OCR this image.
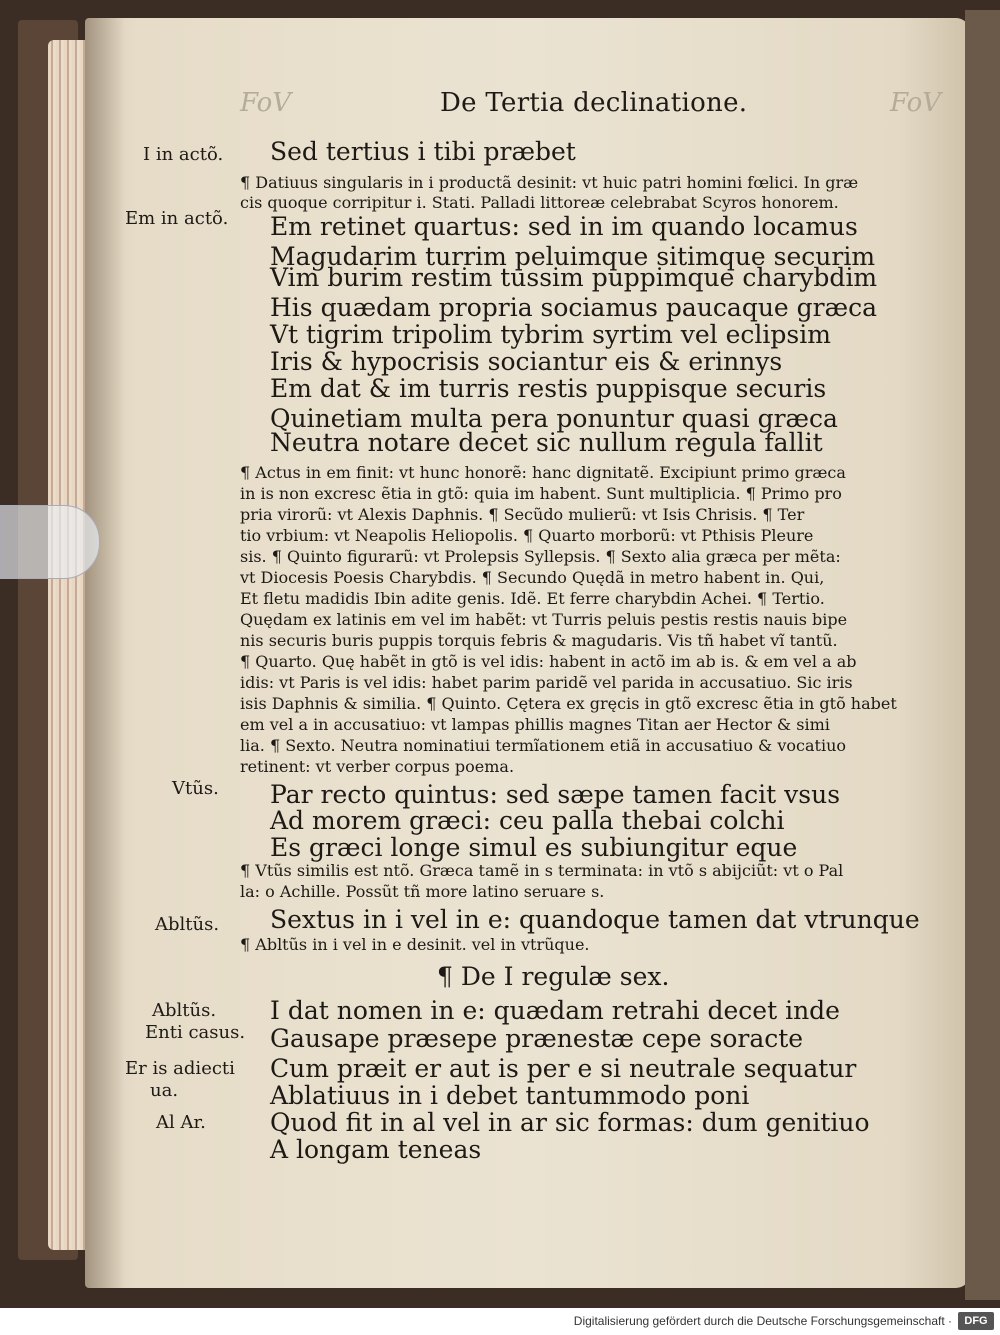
FoV	FoV
De Tertia declinatione.
I in actõ.
Em in actõ.
Vtũs.
Abltũs.
Abltũs.
Enti casus.
Er is adiecti
ua.
Al Ar.
Sed tertius i tibi præbet
¶ Datiuus singularis in i productã desinit: vt huic patri homini fœlici. In græ
cis quoque corripitur i. Stati. Palladi littoreæ celebrabat Scyros honorem.
Em retinet quartus: sed in im quando locamus
Magudarim turrim peluimque sitimque securim
Vim burim restim tussim puppimque charybdim
His quædam propria sociamus paucaque græca
Vt tigrim tripolim tybrim syrtim vel eclipsim
Iris & hypocrisis sociantur eis & erinnys
Em dat & im turris restis puppisque securis
Quinetiam multa pera ponuntur quasi græca
Neutra notare decet sic nullum regula fallit
¶ Actus in em finit: vt hunc honorẽ: hanc dignitatẽ. Excipiunt primo græca
in is non excresc ẽtia in gtõ: quia im habent. Sunt multiplicia. ¶ Primo pro
pria virorũ: vt Alexis Daphnis. ¶ Secũdo mulierũ: vt Isis Chrisis. ¶ Ter
tio vrbium: vt Neapolis Heliopolis. ¶ Quarto morborũ: vt Pthisis Pleure
sis. ¶ Quinto figurarũ: vt Prolepsis Syllepsis. ¶ Sexto alia græca per mẽta:
vt Diocesis Poesis Charybdis. ¶ Secundo Quędã in metro habent in. Qui,
Et fletu madidis Ibin adite genis. Idẽ. Et ferre charybdin Achei. ¶ Tertio.
Quędam ex latinis em vel im habẽt: vt Turris peluis pestis restis nauis bipe
nis securis buris puppis torquis febris & magudaris. Vis tñ habet vĩ tantũ.
¶ Quarto. Quę habẽt in gtõ is vel idis: habent in actõ im ab is. & em vel a ab
idis: vt Paris is vel idis: habet parim paridẽ vel parida in accusatiuo. Sic iris
isis Daphnis & similia. ¶ Quinto. Cętera ex gręcis in gtõ excresc ẽtia in gtõ habet
em vel a in accusatiuo: vt lampas phillis magnes Titan aer Hector & simi
lia. ¶ Sexto. Neutra nominatiui termĩationem etiã in accusatiuo & vocatiuo
retinent: vt verber corpus poema.
Par recto quintus: sed sæpe tamen facit vsus
Ad morem græci: ceu palla thebai colchi
Es græci longe simul es subiungitur eque
¶ Vtũs similis est ntõ. Græca tamẽ in s terminata: in vtõ s abijciũt: vt o Pal
la: o Achille. Possũt tñ more latino seruare s.
Sextus in i vel in e: quandoque tamen dat vtrunque
¶ Abltũs in i vel in e desinit. vel in vtrũque.
¶ De I regulæ sex.
I dat nomen in e: quædam retrahi decet inde
Gausape præsepe prænestæ cepe soracte
Cum præit er aut is per e si neutrale sequatur
Ablatiuus in i debet tantummodo poni
Quod fit in al vel in ar sic formas: dum genitiuo
A longam teneas
Digitalisierung gefördert durch die Deutsche Forschungsgemeinschaft ·	DFG
